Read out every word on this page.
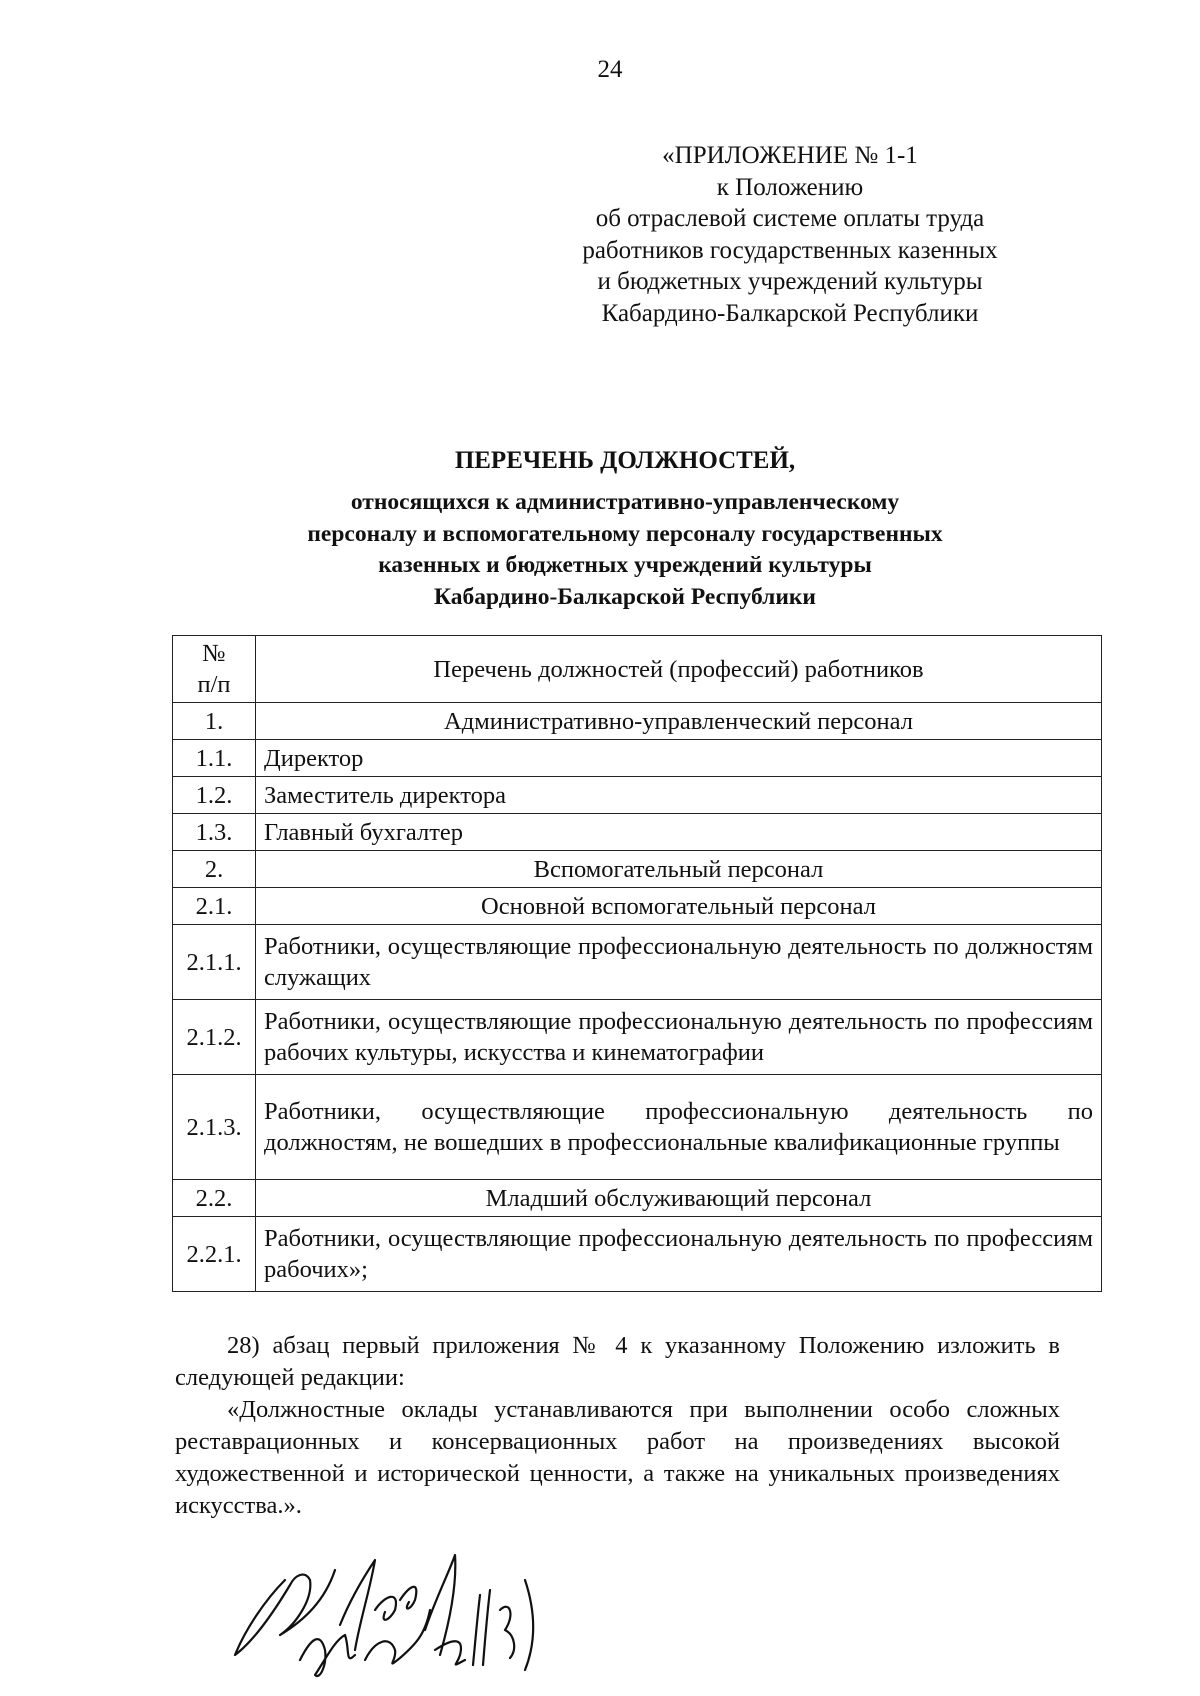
24
«ПРИЛОЖЕНИЕ № 1-1
к Положению
об отраслевой системе оплаты труда
работников государственных казенных
и бюджетных учреждений культуры
Кабардино-Балкарской Республики
ПЕРЕЧЕНЬ ДОЛЖНОСТЕЙ,
относящихся к административно-управленческому
персоналу и вспомогательному персоналу государственных
казенных и бюджетных учреждений культуры
Кабардино-Балкарской Республики
№
п/п	Перечень должностей (профессий) работников
1.	Административно-управленческий персонал
1.1.	Директор
1.2.	Заместитель директора
1.3.	Главный бухгалтер
2.	Вспомогательный персонал
2.1.	Основной вспомогательный персонал
2.1.1.	Работники, осуществляющие профессиональную деятельность по должностям служащих
2.1.2.	Работники, осуществляющие профессиональную деятельность по профессиям рабочих культуры, искусства и кинематографии
2.1.3.	Работники, осуществляющие профессиональную деятельность по должностям, не вошедших в профессиональные квалификационные группы
2.2.	Младший обслуживающий персонал
2.2.1.	Работники, осуществляющие профессиональную деятельность по профессиям рабочих»;

28) абзац первый приложения № 4 к указанному Положению изложить в следующей редакции:

«Должностные оклады устанавливаются при выполнении особо сложных реставрационных и консервационных работ на произведениях высокой художественной и исторической ценности, а также на уникальных произведениях искусства.».
